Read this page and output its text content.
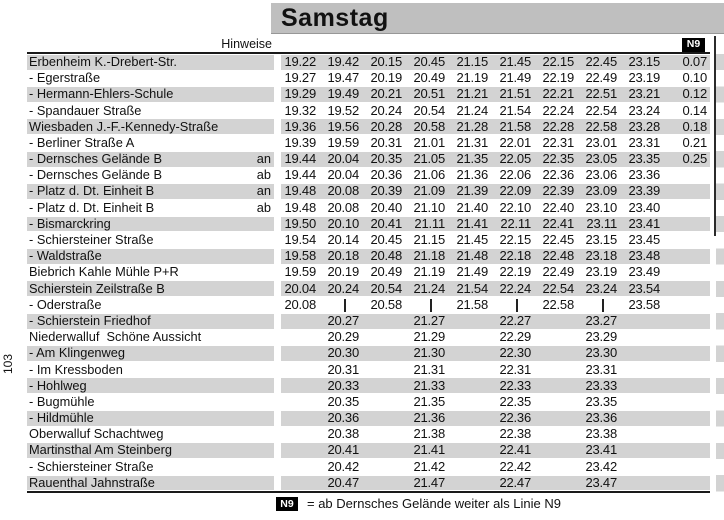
103
Samstag
Hinweise	N9
Erbenheim K.-Drebert-Str.	19.22 19.42 20.15 20.45 21.15 21.45 22.15 22.45 23.15	0.07
- Egerstraße	19.27 19.47 20.19 20.49 21.19 21.49 22.19 22.49 23.19	0.10
- Hermann-Ehlers-Schule	19.29 19.49 20.21 20.51 21.21 21.51 22.21 22.51 23.21	0.12
- Spandauer Straße	19.32 19.52 20.24 20.54 21.24 21.54 22.24 22.54 23.24	0.14
Wiesbaden J.-F.-Kennedy-Straße	19.36 19.56 20.28 20.58 21.28 21.58 22.28 22.58 23.28	0.18
- Berliner Straße A	19.39 19.59 20.31 21.01 21.31 22.01 22.31 23.01 23.31	0.21
- Dernsches Gelände B	an 19.44 20.04 20.35 21.05 21.35 22.05 22.35 23.05 23.35	0.25
- Dernsches Gelände B	ab 19.44 20.04 20.36 21.06 21.36 22.06 22.36 23.06 23.36
- Platz d. Dt. Einheit B	an 19.48 20.08 20.39 21.09 21.39 22.09 22.39 23.09 23.39
- Platz d. Dt. Einheit B	ab 19.48 20.08 20.40 21.10 21.40 22.10 22.40 23.10 23.40
- Bismarckring	19.50 20.10 20.41 21.11 21.41 22.11 22.41 23.11 23.41
- Schiersteiner Straße	19.54 20.14 20.45 21.15 21.45 22.15 22.45 23.15 23.45
- Waldstraße	19.58 20.18 20.48 21.18 21.48 22.18 22.48 23.18 23.48
Biebrich Kahle Mühle P+R	19.59 20.19 20.49 21.19 21.49 22.19 22.49 23.19 23.49
Schierstein Zeilstraße B	20.04 20.24 20.54 21.24 21.54 22.24 22.54 23.24 23.54
- Oderstraße	20.08	20.58	21.58	22.58	23.58
- Schierstein Friedhof	20.27	21.27	22.27	23.27
Niederwalluf  Schöne Aussicht	20.29	21.29	22.29	23.29
- Am Klingenweg	20.30	21.30	22.30	23.30
- Im Kressboden	20.31	21.31	22.31	23.31
- Hohlweg	20.33	21.33	22.33	23.33
- Bugmühle	20.35	21.35	22.35	23.35
- Hildmühle	20.36	21.36	22.36	23.36
Oberwalluf Schachtweg	20.38	21.38	22.38	23.38
Martinsthal Am Steinberg	20.41	21.41	22.41	23.41
- Schiersteiner Straße	20.42	21.42	22.42	23.42
Rauenthal Jahnstraße	20.47	21.47	22.47	23.47
N9	= ab Dernsches Gelände weiter als Linie N9
